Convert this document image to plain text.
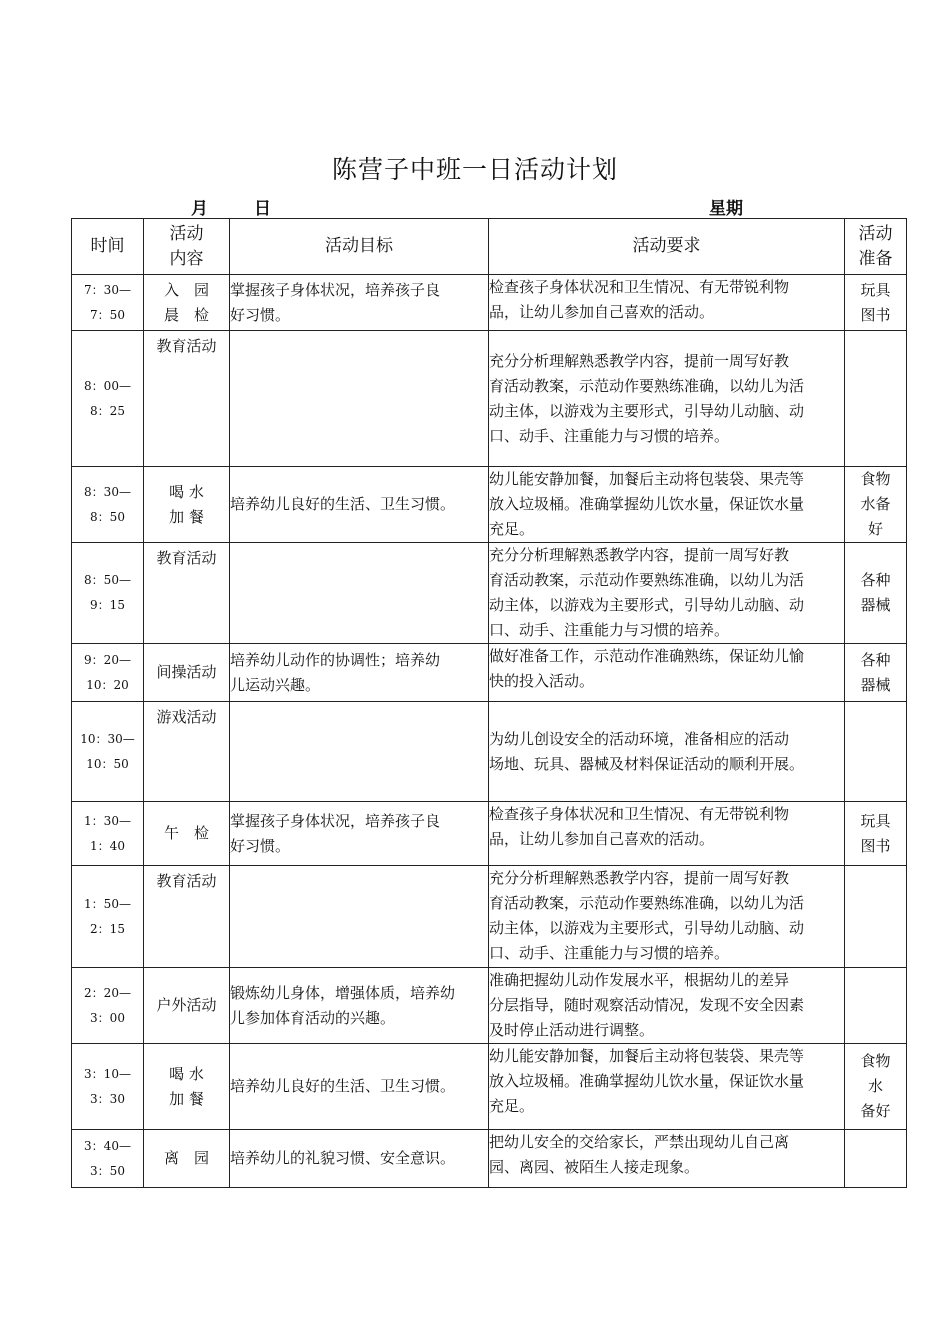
陈营子中班一日活动计划
月	日	星期
时间	活动
内容	活动目标	活动要求	活动
准备

7：30—
7：50	入　园
晨　检	掌握孩子身体状况，培养孩子良
好习惯。	检查孩子身体状况和卫生情况、有无带锐利物
品，让幼儿参加自己喜欢的活动。	玩具
图书

8：00—
8：25	教育活动		充分分析理解熟悉教学内容，提前一周写好教
育活动教案，示范动作要熟练准确，以幼儿为活
动主体，以游戏为主要形式，引导幼儿动脑、动
口、动手、注重能力与习惯的培养。	

8：30—
8：50	喝 水
加 餐	培养幼儿良好的生活、卫生习惯。	幼儿能安静加餐，加餐后主动将包装袋、果壳等
放入垃圾桶。准确掌握幼儿饮水量，保证饮水量
充足。	食物
水备
好

8：50—
9：15	教育活动		充分分析理解熟悉教学内容，提前一周写好教
育活动教案，示范动作要熟练准确，以幼儿为活
动主体，以游戏为主要形式，引导幼儿动脑、动
口、动手、注重能力与习惯的培养。	各种
器械

9：20—
10：20	间操活动	培养幼儿动作的协调性；培养幼
儿运动兴趣。	做好准备工作，示范动作准确熟练，保证幼儿愉
快的投入活动。	各种
器械

10：30—
10：50	游戏活动		为幼儿创设安全的活动环境，准备相应的活动
场地、玩具、器械及材料保证活动的顺利开展。	

1：30—
1：40	午　检	掌握孩子身体状况，培养孩子良
好习惯。	检查孩子身体状况和卫生情况、有无带锐利物
品，让幼儿参加自己喜欢的活动。	玩具
图书

1：50—
2：15	教育活动		充分分析理解熟悉教学内容，提前一周写好教
育活动教案，示范动作要熟练准确，以幼儿为活
动主体，以游戏为主要形式，引导幼儿动脑、动
口、动手、注重能力与习惯的培养。	

2：20—
3：00	户外活动	锻炼幼儿身体，增强体质，培养幼
儿参加体育活动的兴趣。	准确把握幼儿动作发展水平，根据幼儿的差异
分层指导，随时观察活动情况，发现不安全因素
及时停止活动进行调整。	

3：10—
3：30	喝 水
加 餐	培养幼儿良好的生活、卫生习惯。	幼儿能安静加餐，加餐后主动将包装袋、果壳等
放入垃圾桶。准确掌握幼儿饮水量，保证饮水量
充足。	食物
水
备好

3：40—
3：50	离　园	培养幼儿的礼貌习惯、安全意识。	把幼儿安全的交给家长，严禁出现幼儿自己离
园、离园、被陌生人接走现象。	
